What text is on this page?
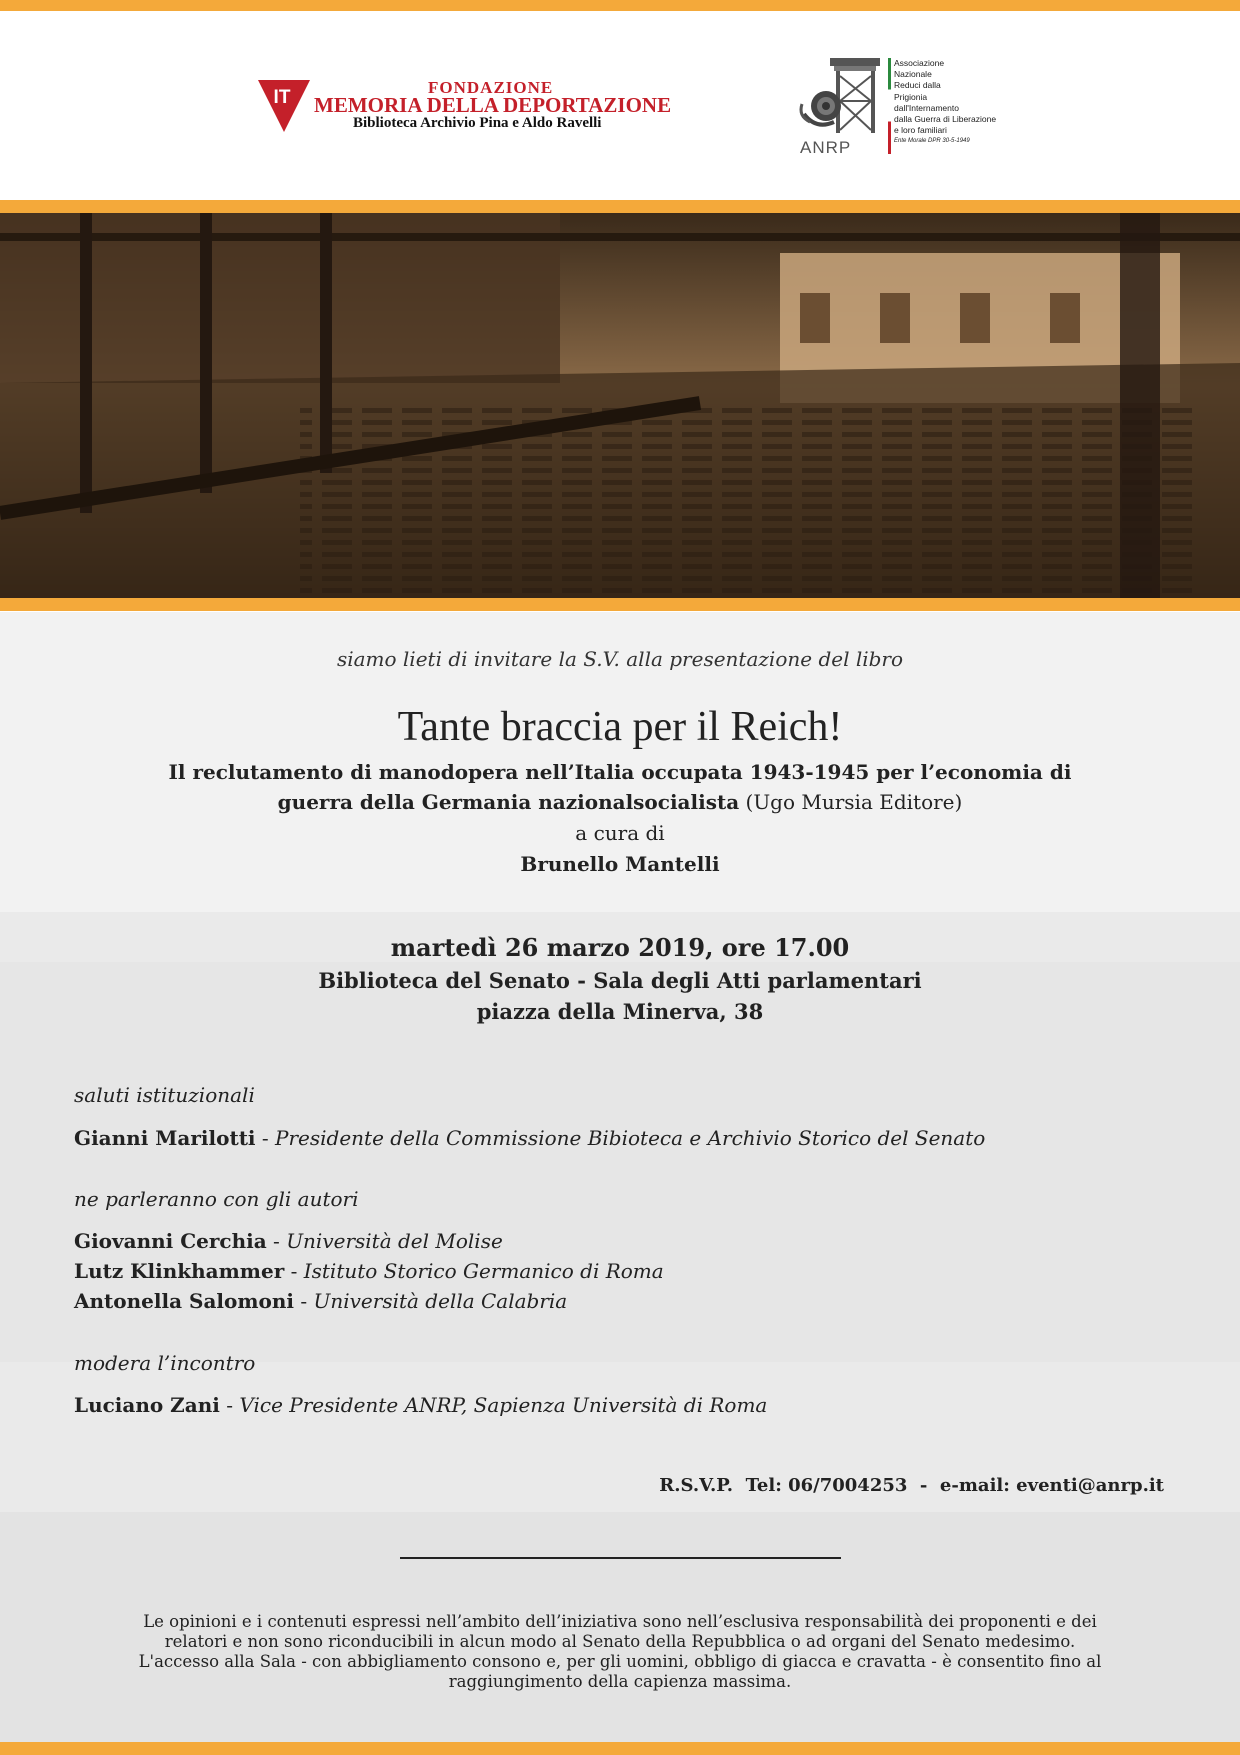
IT	FONDAZIONE
MEMORIA DELLA DEPORTAZIONE
Biblioteca Archivio Pina e Aldo Ravelli
ANRP
Associazione
Nazionale
Reduci dalla
Prigionia
dall'Internamento
dalla Guerra di Liberazione
e loro familiari
Ente Morale DPR 30-5-1949
siamo lieti di invitare la S.V. alla presentazione del libro
Tante braccia per il Reich!
Il reclutamento di manodopera nell’Italia occupata 1943-1945 per l’economia di
guerra della Germania nazionalsocialista (Ugo Mursia Editore)
a cura di
Brunello Mantelli
martedì 26 marzo 2019, ore 17.00
Biblioteca del Senato - Sala degli Atti parlamentari
piazza della Minerva, 38
saluti istituzionali
Gianni Marilotti - Presidente della Commissione Bibioteca e Archivio Storico del Senato
ne parleranno con gli autori
Giovanni Cerchia - Università del Molise
Lutz Klinkhammer - Istituto Storico Germanico di Roma
Antonella Salomoni - Università della Calabria
modera l’incontro
Luciano Zani - Vice Presidente ANRP, Sapienza Università di Roma
R.S.V.P.  Tel: 06/7004253  -  e-mail: eventi@anrp.it
Le opinioni e i contenuti espressi nell’ambito dell’iniziativa sono nell’esclusiva responsabilità dei proponenti e dei
relatori e non sono riconducibili in alcun modo al Senato della Repubblica o ad organi del Senato medesimo.
L'accesso alla Sala - con abbigliamento consono e, per gli uomini, obbligo di giacca e cravatta - è consentito fino al
raggiungimento della capienza massima.
